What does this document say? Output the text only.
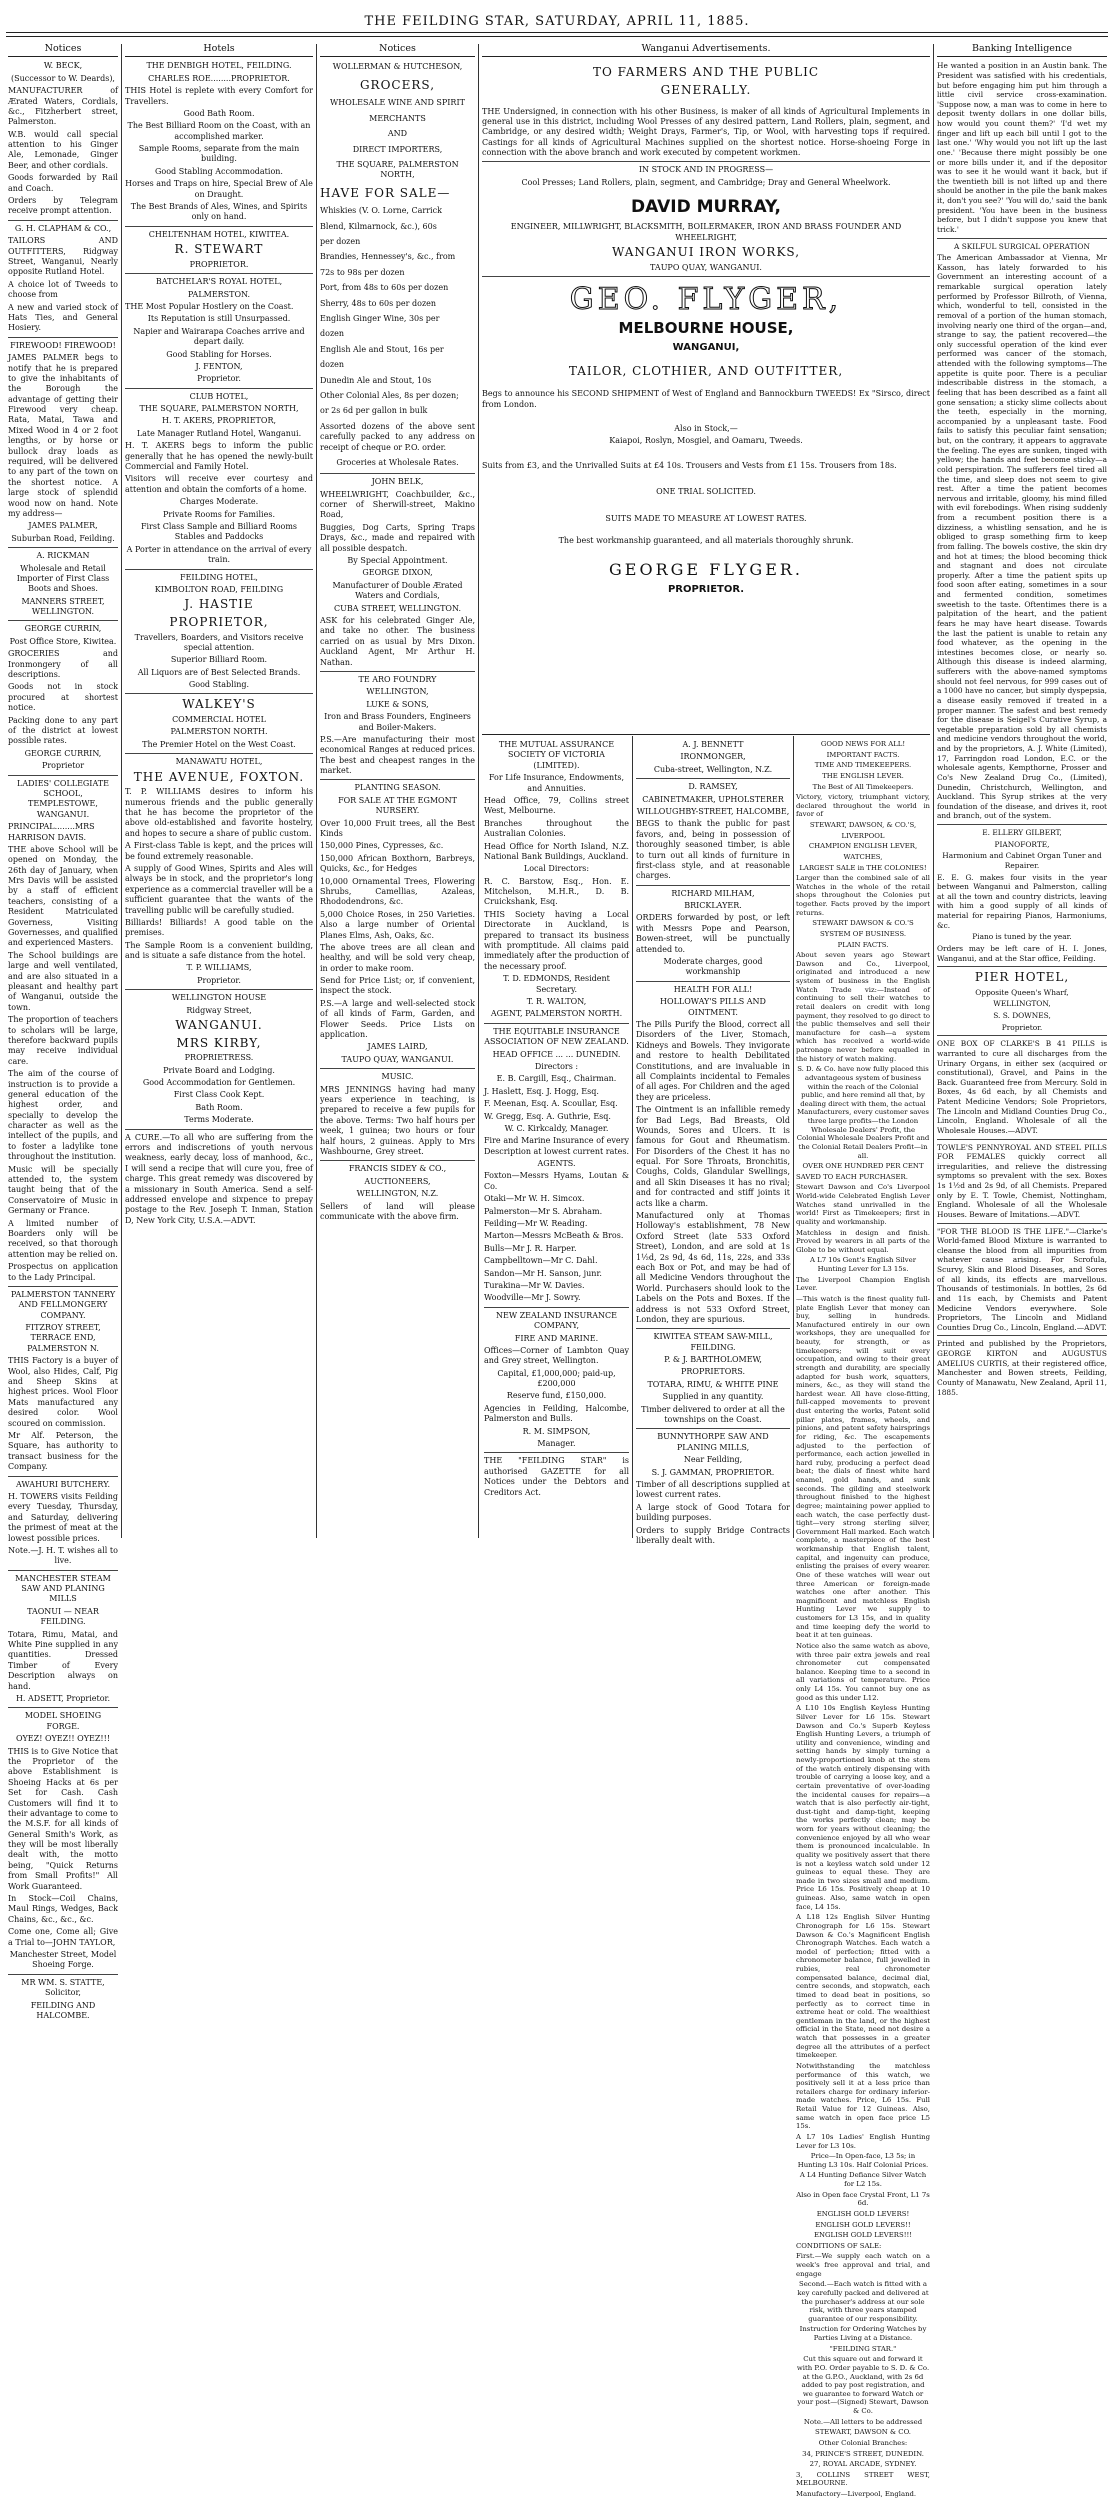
THE FEILDING STAR, SATURDAY, APRIL 11, 1885.
Notices

W. BECK,

(Successor to W. Deards),

MANUFACTURER of Ærated Waters, Cordials, &c., Fitzherbert street, Palmerston.

W.B. would call special attention to his Ginger Ale, Lemonade, Ginger Beer, and other cordials.

Goods forwarded by Rail and Coach.

Orders by Telegram receive prompt attention.

G. H. CLAPHAM & CO.,

TAILORS AND OUTFITTERS, Ridgway Street, Wanganui, Nearly opposite Rutland Hotel.

A choice lot of Tweeds to choose from

A new and varied stock of Hats Ties, and General Hosiery.

FIREWOOD! FIREWOOD!

JAMES PALMER begs to notify that he is prepared to give the inhabitants of the Borough the advantage of getting their Firewood very cheap. Rata, Matai, Tawa and Mixed Wood in 4 or 2 foot lengths, or by horse or bullock dray loads as required, will be delivered to any part of the town on the shortest notice. A large stock of splendid wood now on hand. Note my address—

JAMES PALMER,

Suburban Road, Feilding.

A. RICKMAN

Wholesale and Retail Importer of First Class Boots and Shoes.

MANNERS STREET, WELLINGTON.

GEORGE CURRIN,

Post Office Store, Kiwitea.

GROCERIES and Ironmongery of all descriptions.

Goods not in stock procured at shortest notice.

Packing done to any part of the district at lowest possible rates.

GEORGE CURRIN,

Proprietor

LADIES' COLLEGIATE SCHOOL, TEMPLESTOWE, WANGANUI.

PRINCIPAL........MRS HARRISON DAVIS.

THE above School will be opened on Monday, the 26th day of January, when Mrs Davis will be assisted by a staff of efficient teachers, consisting of a Resident Matriculated Governess, Visiting Governesses, and qualified and experienced Masters.

The School buildings are large and well ventilated, and are also situated in a pleasant and healthy part of Wanganui, outside the town.

The proportion of teachers to scholars will be large, therefore backward pupils may receive individual care.

The aim of the course of instruction is to provide a general education of the highest order, and specially to develop the character as well as the intellect of the pupils, and to foster a ladylike tone throughout the institution.

Music will be specially attended to, the system taught being that of the Conservatoire of Music in Germany or France.

A limited number of Boarders only will be received, so that thorough attention may be relied on.

Prospectus on application to the Lady Principal.

PALMERSTON TANNERY AND FELLMONGERY COMPANY.

FITZROY STREET, TERRACE END, PALMERSTON N.

THIS Factory is a buyer of Wool, also Hides, Calf, Pig and Sheep Skins at highest prices. Wool Floor Mats manufactured any desired color. Wool scoured on commission.

Mr Alf. Peterson, the Square, has authority to transact business for the Company.

AWAHURI BUTCHERY.

H. TOWERS visits Feilding every Tuesday, Thursday, and Saturday, delivering the primest of meat at the lowest possible prices.

Note.—J. H. T. wishes all to live.

MANCHESTER STEAM SAW AND PLANING MILLS

TAONUI — NEAR FEILDING.

Totara, Rimu, Matai, and White Pine supplied in any quantities. Dressed Timber of Every Description always on hand.

H. ADSETT, Proprietor.

MODEL SHOEING FORGE.

OYEZ! OYEZ!! OYEZ!!!

THIS is to Give Notice that the Proprietor of the above Establishment is Shoeing Hacks at 6s per Set for Cash. Cash Customers will find it to their advantage to come to the M.S.F. for all kinds of General Smith's Work, as they will be most liberally dealt with, the motto being, "Quick Returns from Small Profits!" All Work Guaranteed.

In Stock—Coil Chains, Maul Rings, Wedges, Back Chains, &c., &c., &c.

Come one, Come all; Give a Trial to—JOHN TAYLOR,

Manchester Street, Model Shoeing Forge.

MR WM. S. STATTE, Solicitor,

FEILDING AND HALCOMBE.

Hotels

THE DENBIGH HOTEL, FEILDING.

CHARLES ROE........PROPRIETOR.

THIS Hotel is replete with every Comfort for Travellers.

Good Bath Room.

The Best Billiard Room on the Coast, with an accomplished marker.

Sample Rooms, separate from the main building.

Good Stabling Accommodation.

Horses and Traps on hire, Special Brew of Ale on Draught.

The Best Brands of Ales, Wines, and Spirits only on hand.

CHELTENHAM HOTEL, KIWITEA.

R. STEWART

PROPRIETOR.

BATCHELAR'S ROYAL HOTEL,

PALMERSTON.

THE Most Popular Hostlery on the Coast.

Its Reputation is still Unsurpassed.

Napier and Wairarapa Coaches arrive and depart daily.

Good Stabling for Horses.

J. FENTON,

Proprietor.

CLUB HOTEL,

THE SQUARE, PALMERSTON NORTH,

H. T. AKERS, PROPRIETOR,

Late Manager Rutland Hotel, Wanganui.

H. T. AKERS begs to inform the public generally that he has opened the newly-built Commercial and Family Hotel.

Visitors will receive ever courtesy and attention and obtain the comforts of a home.

Charges Moderate.

Private Rooms for Families.

First Class Sample and Billiard Rooms Stables and Paddocks

A Porter in attendance on the arrival of every train.

FEILDING HOTEL,

KIMBOLTON ROAD, FEILDING

J. HASTIE

PROPRIETOR,

Travellers, Boarders, and Visitors receive special attention.

Superior Billiard Room.

All Liquors are of Best Selected Brands.

Good Stabling.

WALKEY'S

COMMERCIAL HOTEL

PALMERSTON NORTH.

The Premier Hotel on the West Coast.

MANAWATU HOTEL,

THE AVENUE, FOXTON.

T. P. WILLIAMS desires to inform his numerous friends and the public generally that he has become the proprietor of the above old-established and favorite hostelry, and hopes to secure a share of public custom.

A First-class Table is kept, and the prices will be found extremely reasonable.

A supply of Good Wines, Spirits and Ales will always be in stock, and the proprietor's long experience as a commercial traveller will be a sufficient guarantee that the wants of the travelling public will be carefully studied.

Billiards! Billiards! A good table on the premises.

The Sample Room is a convenient building, and is situate a safe distance from the hotel.

T. P. WILLIAMS,

Proprietor.

WELLINGTON HOUSE

Ridgway Street,

WANGANUI.

MRS KIRBY,

PROPRIETRESS.

Private Board and Lodging.

Good Accommodation for Gentlemen.

First Class Cook Kept.

Bath Room.

Terms Moderate.

A CURE.—To all who are suffering from the errors and indiscretions of youth nervous weakness, early decay, loss of manhood, &c., I will send a recipe that will cure you, free of charge. This great remedy was discovered by a missionary in South America. Send a self-addressed envelope and sixpence to prepay postage to the Rev. Joseph T. Inman, Station D, New York City, U.S.A.—ADVT.

Notices

WOLLERMAN & HUTCHESON,

GROCERS,

WHOLESALE WINE AND SPIRIT

MERCHANTS

AND

DIRECT IMPORTERS,

THE SQUARE, PALMERSTON NORTH,

HAVE FOR SALE—

Whiskies (V. O. Lorne, Carrick

Blend, Kilmarnock, &c.), 60s

per dozen

Brandies, Hennessey's, &c., from

72s to 98s per dozen

Port, from 48s to 60s per dozen

Sherry, 48s to 60s per dozen

English Ginger Wine, 30s per

dozen

English Ale and Stout, 16s per

dozen

Dunedin Ale and Stout, 10s

Other Colonial Ales, 8s per dozen;

or 2s 6d per gallon in bulk

Assorted dozens of the above sent carefully packed to any address on receipt of cheque or P.O. order.

Groceries at Wholesale Rates.

JOHN BELK,

WHEELWRIGHT, Coachbuilder, &c., corner of Sherwill-street, Makino Road,

Buggies, Dog Carts, Spring Traps Drays, &c., made and repaired with all possible despatch.

By Special Appointment.

GEORGE DIXON,

Manufacturer of Double Ærated Waters and Cordials,

CUBA STREET, WELLINGTON.

ASK for his celebrated Ginger Ale, and take no other. The business carried on as usual by Mrs Dixon. Auckland Agent, Mr Arthur H. Nathan.

TE ARO FOUNDRY

WELLINGTON,

LUKE & SONS,

Iron and Brass Founders, Engineers and Boiler-Makers.

P.S.—Are manufacturing their most economical Ranges at reduced prices. The best and cheapest ranges in the market.

PLANTING SEASON.

FOR SALE AT THE EGMONT NURSERY.

Over 10,000 Fruit trees, all the Best Kinds

150,000 Pines, Cypresses, &c.

150,000 African Boxthorn, Barbreys, Quicks, &c., for Hedges

10,000 Ornamental Trees, Flowering Shrubs, Camellias, Azaleas, Rhododendrons, &c.

5,000 Choice Roses, in 250 Varieties. Also a large number of Oriental Planes Elms, Ash, Oaks, &c.

The above trees are all clean and healthy, and will be sold very cheap, in order to make room.

Send for Price List; or, if convenient, inspect the stock.

P.S.—A large and well-selected stock of all kinds of Farm, Garden, and Flower Seeds. Price Lists on application.

JAMES LAIRD,

TAUPO QUAY, WANGANUI.

MUSIC.

MRS JENNINGS having had many years experience in teaching, is prepared to receive a few pupils for the above. Terms: Two half hours per week, 1 guinea; two hours or four half hours, 2 guineas. Apply to Mrs Washbourne, Grey street.

FRANCIS SIDEY & CO.,

AUCTIONEERS,

WELLINGTON, N.Z.

Sellers of land will please communicate with the above firm.

Wanganui Advertisements.

TO FARMERS AND THE PUBLIC

GENERALLY.

THE Undersigned, in connection with his other Business, is maker of all kinds of Agricultural Implements in general use in this district, including Wool Presses of any desired pattern, Land Rollers, plain, segment, and Cambridge, or any desired width; Weight Drays, Farmer's, Tip, or Wool, with harvesting tops if required. Castings for all kinds of Agricultural Machines supplied on the shortest notice. Horse-shoeing Forge in connection with the above branch and work executed by competent workmen.

IN STOCK AND IN PROGRESS—

Cool Presses; Land Rollers, plain, segment, and Cambridge; Dray and General Wheelwork.

DAVID MURRAY,

ENGINEER, MILLWRIGHT, BLACKSMITH, BOILERMAKER, IRON AND BRASS FOUNDER AND WHEELRIGHT,

WANGANUI IRON WORKS,

TAUPO QUAY, WANGANUI.

GEO. FLYGER,

MELBOURNE HOUSE,

WANGANUI,

TAILOR, CLOTHIER, AND OUTFITTER,

Begs to announce his SECOND SHIPMENT of West of England and Bannockburn TWEEDS! Ex "Sirsco, direct from London.

Also in Stock,—

Kaiapoi, Roslyn, Mosgiel, and Oamaru, Tweeds.

Suits from £3, and the Unrivalled Suits at £4 10s. Trousers and Vests from £1 15s. Trousers from 18s.

ONE TRIAL SOLICITED.

SUITS MADE TO MEASURE AT LOWEST RATES.

The best workmanship guaranteed, and all materials thoroughly shrunk.

GEORGE FLYGER.

PROPRIETOR.

THE MUTUAL ASSURANCE SOCIETY OF VICTORIA (LIMITED).

For Life Insurance, Endowments, and Annuities.

Head Office, 79, Collins street West, Melbourne.

Branches throughout the Australian Colonies.

Head Office for North Island, N.Z. National Bank Buildings, Auckland.

Local Directors:

R. C. Barstow, Esq., Hon. E. Mitchelson, M.H.R., D. B. Cruickshank, Esq.

THIS Society having a Local Directorate in Auckland, is prepared to transact its business with promptitude. All claims paid immediately after the production of the necessary proof.

T. D. EDMONDS, Resident Secretary.

T. R. WALTON,

AGENT, PALMERSTON NORTH.

THE EQUITABLE INSURANCE ASSOCIATION OF NEW ZEALAND.

HEAD OFFICE ... ... DUNEDIN.

Directors :

E. B. Cargill, Esq., Chairman.

J. Haslett, Esq. J. Hogg, Esq.

F. Meenan, Esq. A. Scoullar, Esq.

W. Gregg, Esq. A. Guthrie, Esq.

W. C. Kirkcaldy, Manager.

Fire and Marine Insurance of every Description at lowest current rates.

AGENTS.

Foxton—Messrs Hyams, Loutan & Co.

Otaki—Mr W. H. Simcox.

Palmerston—Mr S. Abraham.

Feilding—Mr W. Reading.

Marton—Messrs McBeath & Bros.

Bulls—Mr J. R. Harper.

Campbelltown—Mr C. Dahl.

Sandon—Mr H. Sanson, junr.

Turakina—Mr W. Davies.

Woodville—Mr J. Sowry.

NEW ZEALAND INSURANCE COMPANY,

FIRE AND MARINE.

Offices—Corner of Lambton Quay and Grey street, Wellington.

Capital, £1,000,000; paid-up, £200,000

Reserve fund, £150,000.

Agencies in Feilding, Halcombe, Palmerston and Bulls.

R. M. SIMPSON,

Manager.

THE "FEILDING STAR" is authorised GAZETTE for all Notices under the Debtors and Creditors Act.

A. J. BENNETT

IRONMONGER,

Cuba-street, Wellington, N.Z.

D. RAMSEY,

CABINETMAKER, UPHOLSTERER

WILLOUGHBY-STREET, HALCOMBE,

BEGS to thank the public for past favors, and, being in possession of thoroughly seasoned timber, is able to turn out all kinds of furniture in first-class style, and at reasonable charges.

RICHARD MILHAM,

BRICKLAYER.

ORDERS forwarded by post, or left with Messrs Pope and Pearson, Bowen-street, will be punctually attended to.

Moderate charges, good workmanship

HEALTH FOR ALL!

HOLLOWAY'S PILLS AND OINTMENT.

The Pills Purify the Blood, correct all Disorders of the Liver, Stomach, Kidneys and Bowels. They invigorate and restore to health Debilitated Constitutions, and are invaluable in all Complaints incidental to Females of all ages. For Children and the aged they are priceless.

The Ointment is an infallible remedy for Bad Legs, Bad Breasts, Old Wounds, Sores and Ulcers. It is famous for Gout and Rheumatism. For Disorders of the Chest it has no equal. For Sore Throats, Bronchitis, Coughs, Colds, Glandular Swellings, and all Skin Diseases it has no rival; and for contracted and stiff joints it acts like a charm.

Manufactured only at Thomas Holloway's establishment, 78 New Oxford Street (late 533 Oxford Street), London, and are sold at 1s 1½d, 2s 9d, 4s 6d, 11s, 22s, and 33s each Box or Pot, and may be had of all Medicine Vendors throughout the World. Purchasers should look to the Labels on the Pots and Boxes. If the address is not 533 Oxford Street, London, they are spurious.

KIWITEA STEAM SAW-MILL, FEILDING.

P. & J. BARTHOLOMEW,

PROPRIETORS.

TOTARA, RIMU, & WHITE PINE

Supplied in any quantity.

Timber delivered to order at all the townships on the Coast.

BUNNYTHORPE SAW AND PLANING MILLS,

Near Feilding,

S. J. GAMMAN, PROPRIETOR.

Timber of all descriptions supplied at lowest current rates.

A large stock of Good Totara for building purposes.

Orders to supply Bridge Contracts liberally dealt with.

GOOD NEWS FOR ALL!

IMPORTANT FACTS.

TIME AND TIMEKEEPERS.

THE ENGLISH LEVER.

The Best of All Timekeepers.

Victory, victory, triumphant victory, declared throughout the world in favor of

STEWART, DAWSON, & CO.'S,

LIVERPOOL

CHAMPION ENGLISH LEVER,

WATCHES,

LARGEST SALE in THE COLONIES!

Larger than the combined sale of all Watches in the whole of the retail shops throughout the Colonies put together. Facts proved by the import returns.

STEWART DAWSON & CO.'S

SYSTEM OF BUSINESS.

PLAIN FACTS.

About seven years ago Stewart Dawson and Co., Liverpool, originated and introduced a new system of business in the English Watch Trade viz:—Instead of continuing to sell their watches to retail dealers on credit with long payment, they resolved to go direct to the public themselves and sell their manufacture for cash—a system which has received a world-wide patronage never before equalled in the history of watch making.

S. D. & Co. have now fully placed this advantageous system of business within the reach of the Colonial public, and here remind all that, by dealing direct with them, the actual Manufacturers, every customer saves three large profits—the London Wholesale Dealers' Profit, the Colonial Wholesale Dealers Profit and the Colonial Retail Dealers Profit—in all.

OVER ONE HUNDRED PER CENT

SAVED TO EACH PURCHASER.

Stewart Dawson and Co's Liverpool World-wide Celebrated English Lever Watches stand unrivalled in the world! First as Timekeepers; first in quality and workmanship.

Matchless in design and finish. Proved by wearers in all parts of the Globe to be without equal.

A L7 10s Gent's English Silver Hunting Lever for L3 15s.

The Liverpool Champion English Lever.

—This watch is the finest quality full-plate English Lever that money can buy, selling in hundreds. Manufactured entirely in our own workshops, they are unequalled for beauty, for strength, or as timekeepers; will suit every occupation, and owing to their great strength and durability, are specially adapted for bush work, squatters, miners, &c., as they will stand the hardest wear. All have close-fitting, full-capped movements to prevent dust entering the works, Patent solid pillar plates, frames, wheels, and pinions, and patent safety hairsprings for riding, &c. The escapements adjusted to the perfection of performance, each action jewelled in hard ruby, producing a perfect dead beat; the dials of finest white hard enamel, gold hands, and sunk seconds. The gilding and steelwork throughout finished to the highest degree; maintaining power applied to each watch, the case perfectly dust-tight—very strong sterling silver, Government Hall marked. Each watch complete, a masterpiece of the best workmanship that English talent, capital, and ingenuity can produce, enlisting the praises of every wearer. One of these watches will wear out three American or foreign-made watches one after another. This magnificent and matchless English Hunting Lever we supply to customers for L3 15s, and in quality and time keeping defy the world to beat it at ten guineas.

Notice also the same watch as above, with three pair extra jewels and real chronometer cut compensated balance. Keeping time to a second in all variations of temperature. Price only L4 15s. You cannot buy one as good as this under L12.

A L10 10s English Keyless Hunting Silver Lever for L6 15s. Stewart Dawson and Co.'s Superb Keyless English Hunting Levers, a triumph of utility and convenience, winding and setting hands by simply turning a newly-proportioned knob at the stem of the watch entirely dispensing with trouble of carrying a loose key, and a certain preventative of over-loading the incidental causes for repairs—a watch that is also perfectly air-tight, dust-tight and damp-tight, keeping the works perfectly clean; may be worn for years without cleaning; the convenience enjoyed by all who wear them is pronounced incalculable. In quality we positively assert that there is not a keyless watch sold under 12 guineas to equal these. They are made in two sizes small and medium. Price L6 15s. Positively cheap at 10 guineas. Also, same watch in open face, L4 15s.

A L18 12s English Silver Hunting Chronograph for L6 15s. Stewart Dawson & Co.'s Magnificent English Chronograph Watches. Each watch a model of perfection; fitted with a chronometer balance, full jewelled in rubies, real chronometer compensated balance, decimal dial, centre seconds, and stopwatch, each timed to dead beat in positions, so perfectly as to correct time in extreme heat or cold. The wealthiest gentleman in the land, or the highest official in the State, need not desire a watch that possesses in a greater degree all the attributes of a perfect timekeeper.

Notwithstanding the matchless performance of this watch, we positively sell it at a less price than retailers charge for ordinary inferior-made watches. Price, L6 15s. Full Retail Value for 12 Guineas. Also, same watch in open face price L5 15s.

A L7 10s Ladies' English Hunting Lever for L3 10s.

Price—In Open-face, L3 5s; in Hunting L3 10s. Half Colonial Prices.

A L4 Hunting Defiance Silver Watch for L2 15s.

Also in Open face Crystal Front, L1 7s 6d.

ENGLISH GOLD LEVERS!

ENGLISH GOLD LEVERS!!

ENGLISH GOLD LEVERS!!!

CONDITIONS OF SALE:

First.—We supply each watch on a week's free approval and trial, and engage

Second.—Each watch is fitted with a key carefully packed and delivered at the purchaser's address at our sole risk, with three years stamped guarantee of our responsibility.

Instruction for Ordering Watches by Parties Living at a Distance.

"FEILDING STAR."

Cut this square out and forward it with P.O. Order payable to S. D. & Co. at the G.P.O., Auckland, with 2s 6d added to pay post registration, and we guarantee to forward Watch or your post—(Signed) Stewart, Dawson & Co.

Note.—All letters to be addressed

STEWART, DAWSON & CO.

Other Colonial Branches:

34, PRINCE'S STREET, DUNEDIN.

27, ROYAL ARCADE, SYDNEY.

3, COLLINS STREET WEST, MELBOURNE.

Manufactory—Liverpool, England.

Banking Intelligence

He wanted a position in an Austin bank. The President was satisfied with his credentials, but before engaging him put him through a little civil service cross-examination. 'Suppose now, a man was to come in here to deposit twenty dollars in one dollar bills, how would you count them?' 'I'd wet my finger and lift up each bill until I got to the last one.' 'Why would you not lift up the last one.' 'Because there might possibly be one or more bills under it, and if the depositor was to see it he would want it back, but if the twentieth bill is not lifted up and there should be another in the pile the bank makes it, don't you see?' 'You will do,' said the bank president. 'You have been in the business before, but I didn't suppose you knew that trick.'

A SKILFUL SURGICAL OPERATION

The American Ambassador at Vienna, Mr Kasson, has lately forwarded to his Government an interesting account of a remarkable surgical operation lately performed by Professor Billroth, of Vienna, which, wonderful to tell, consisted in the removal of a portion of the human stomach, involving nearly one third of the organ—and, strange to say, the patient recovered—the only successful operation of the kind ever performed was cancer of the stomach, attended with the following symptoms—The appetite is quite poor. There is a peculiar indescribable distress in the stomach, a feeling that has been described as a faint all gone sensation; a sticky slime collects about the teeth, especially in the morning, accompanied by a unpleasant taste. Food fails to satisfy this peculiar faint sensation; but, on the contrary, it appears to aggravate the feeling. The eyes are sunken, tinged with yellow; the hands and feet become sticky—a cold perspiration. The sufferers feel tired all the time, and sleep does not seem to give rest. After a time the patient becomes nervous and irritable, gloomy, his mind filled with evil forebodings. When rising suddenly from a recumbent position there is a dizziness, a whistling sensation, and he is obliged to grasp something firm to keep from falling. The bowels costive, the skin dry and hot at times; the blood becoming thick and stagnant and does not circulate properly. After a time the patient spits up food soon after eating, sometimes in a sour and fermented condition, sometimes sweetish to the taste. Oftentimes there is a palpitation of the heart, and the patient fears he may have heart disease. Towards the last the patient is unable to retain any food whatever, as the opening in the intestines becomes close, or nearly so. Although this disease is indeed alarming, sufferers with the above-named symptoms should not feel nervous, for 999 cases out of a 1000 have no cancer, but simply dyspepsia, a disease easily removed if treated in a proper manner. The safest and best remedy for the disease is Seigel's Curative Syrup, a vegetable preparation sold by all chemists and medicine vendors throughout the world, and by the proprietors, A. J. White (Limited), 17, Farringdon road London, E.C. or the wholesale agents, Kempthorne, Prosser and Co's New Zealand Drug Co., (Limited), Dunedin, Christchurch, Wellington, and Auckland. This Syrup strikes at the very foundation of the disease, and drives it, root and branch, out of the system.

E. ELLERY GILBERT,

PIANOFORTE,

Harmonium and Cabinet Organ Tuner and Repairer.

E. E. G. makes four visits in the year between Wanganui and Palmerston, calling at all the town and country districts, leaving with him a good supply of all kinds of material for repairing Pianos, Harmoniums, &c.

Piano is tuned by the year.

Orders may be left care of H. I. Jones, Wanganui, and at the Star office, Feilding.

PIER HOTEL,

Opposite Queen's Wharf,

WELLINGTON,

S. S. DOWNES,

Proprietor.

ONE BOX OF CLARKE'S B 41 PILLS is warranted to cure all discharges from the Urinary Organs, in either sex (acquired or constitutional), Gravel, and Pains in the Back. Guaranteed free from Mercury. Sold in Boxes, 4s 6d each, by all Chemists and Patent Medicine Vendors; Sole Proprietors, The Lincoln and Midland Counties Drug Co., Lincoln, England. Wholesale of all the Wholesale Houses.—ADVT.

TOWLE'S PENNYROYAL AND STEEL PILLS FOR FEMALES quickly correct all irregularities, and relieve the distressing symptoms so prevalent with the sex. Boxes 1s 1½d and 2s 9d, of all Chemists. Prepared only by E. T. Towle, Chemist, Nottingham, England. Wholesale of all the Wholesale Houses. Beware of Imitations.—ADVT.

"FOR THE BLOOD IS THE LIFE."—Clarke's World-famed Blood Mixture is warranted to cleanse the blood from all impurities from whatever cause arising. For Scrofula, Scurvy, Skin and Blood Diseases, and Sores of all kinds, its effects are marvellous. Thousands of testimonials. In bottles, 2s 6d and 11s each, by Chemists and Patent Medicine Vendors everywhere. Sole Proprietors, The Lincoln and Midland Counties Drug Co., Lincoln, England.—ADVT.

Printed and published by the Proprietors, GEORGE KIRTON and AUGUSTUS AMELIUS CURTIS, at their registered office, Manchester and Bowen streets, Feilding, County of Manawatu, New Zealand, April 11, 1885.
